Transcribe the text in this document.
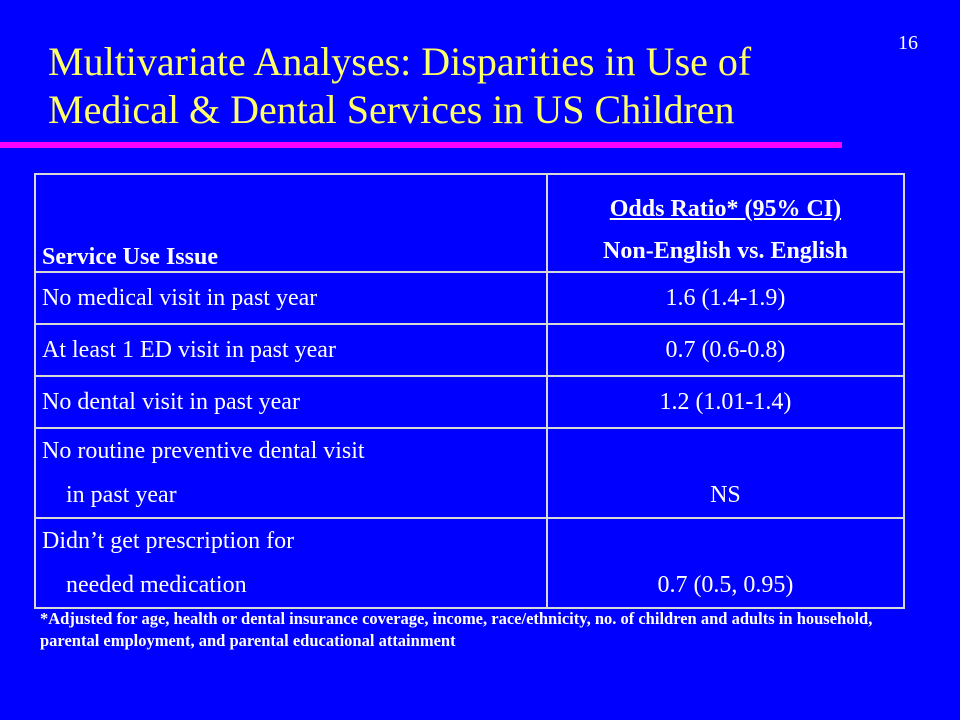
16
Multivariate Analyses: Disparities in Use of
Medical & Dental Services in US Children
Service Use Issue	Odds Ratio* (95% CI)
Non-English vs. English

No medical visit in past year	1.6 (1.4-1.9)

At least 1 ED visit in past year	0.7 (0.6-0.8)

No dental visit in past year	1.2 (1.01-1.4)

No routine preventive dental visit
in past year	NS

Didn’t get prescription for
needed medication	0.7 (0.5, 0.95)
*Adjusted for age, health or dental insurance coverage, income, race/ethnicity, no. of children and adults in household, parental employment, and parental educational attainment
